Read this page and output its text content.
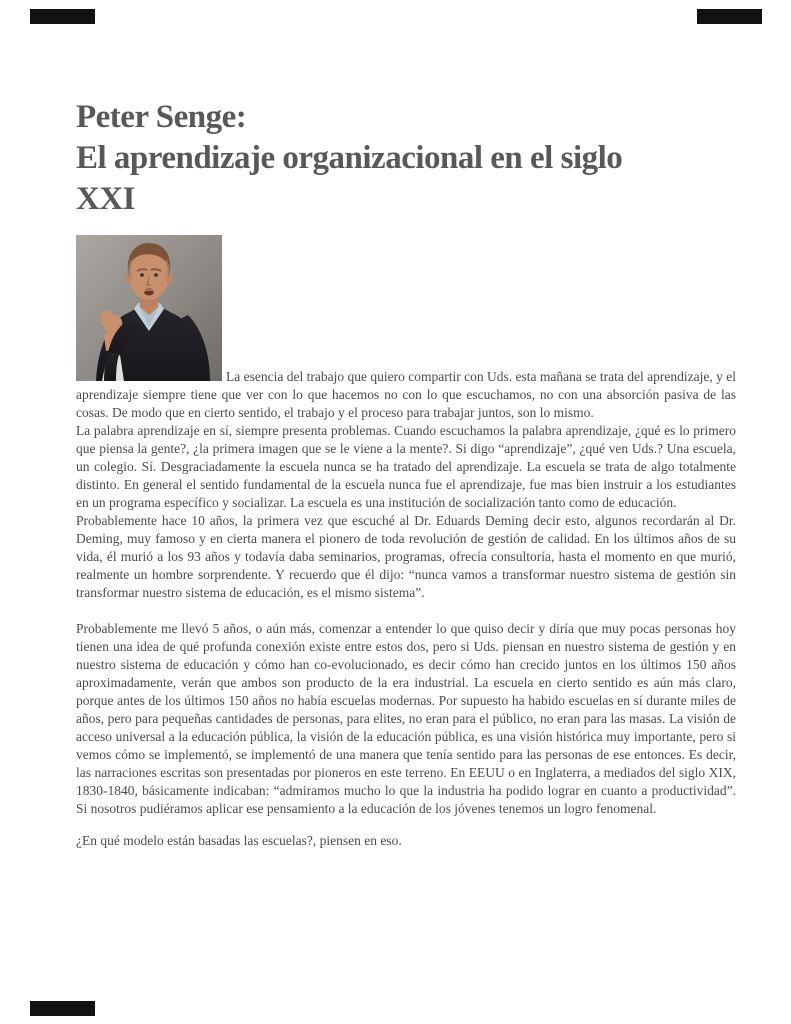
Peter Senge:
El aprendizaje organizacional en el siglo
XXI

La esencia del trabajo que quiero compartir con Uds. esta mañana se trata del aprendizaje, y el aprendizaje siempre tiene que ver con lo que hacemos no con lo que escuchamos, no con una absorción pasiva de las cosas. De modo que en cierto sentido, el trabajo y el proceso para trabajar juntos, son lo mismo.

La palabra aprendizaje en sí, siempre presenta problemas. Cuando escuchamos la palabra aprendizaje, ¿qué es lo primero que piensa la gente?, ¿la primera imagen que se le viene a la mente?. Si digo “aprendizaje”, ¿qué ven Uds.? Una escuela, un colegio. Sí. Desgraciadamente la escuela nunca se ha tratado del aprendizaje. La escuela se trata de algo totalmente distinto. En general el sentido fundamental de la escuela nunca fue el aprendizaje, fue mas bien instruir a los estudiantes en un programa específico y socializar. La escuela es una institución de socialización tanto como de educación.

Probablemente hace 10 años, la primera vez que escuché al Dr. Eduards Deming decir esto, algunos recordarán al Dr. Deming, muy famoso y en cierta manera el pionero de toda revolución de gestión de calidad. En los últimos años de su vida, él murió a los 93 años y todavía daba seminarios, programas, ofrecía consultoría, hasta el momento en que murió, realmente un hombre sorprendente. Y recuerdo que él dijo: “nunca vamos a transformar nuestro sistema de gestión sin transformar nuestro sistema de educación, es el mismo sistema”.

Probablemente me llevó 5 años, o aún más, comenzar a entender lo que quiso decir y diría que muy pocas personas hoy tienen una idea de qué profunda conexión existe entre estos dos, pero si Uds. piensan en nuestro sistema de gestión y en nuestro sistema de educación y cómo han co-evolucionado, es decir cómo han crecido juntos en los últimos 150 años aproximadamente, verán que ambos son producto de la era industrial. La escuela en cierto sentido es aún más claro, porque antes de los últimos 150 años no había escuelas modernas. Por supuesto ha habido escuelas en sí durante miles de años, pero para pequeñas cantidades de personas, para elites, no eran para el público, no eran para las masas. La visión de acceso universal a la educación pública, la visión de la educación pública, es una visión histórica muy importante, pero si vemos cómo se implementó, se implementó de una manera que tenía sentido para las personas de ese entonces. Es decir, las narraciones escritas son presentadas por pioneros en este terreno. En EEUU o en Inglaterra, a mediados del siglo XIX, 1830-1840, básicamente indicaban: “admiramos mucho lo que la industria ha podido lograr en cuanto a productividad”. Si nosotros pudiéramos aplicar ese pensamiento a la educación de los jóvenes tenemos un logro fenomenal.

¿En qué modelo están basadas las escuelas?, piensen en eso.
